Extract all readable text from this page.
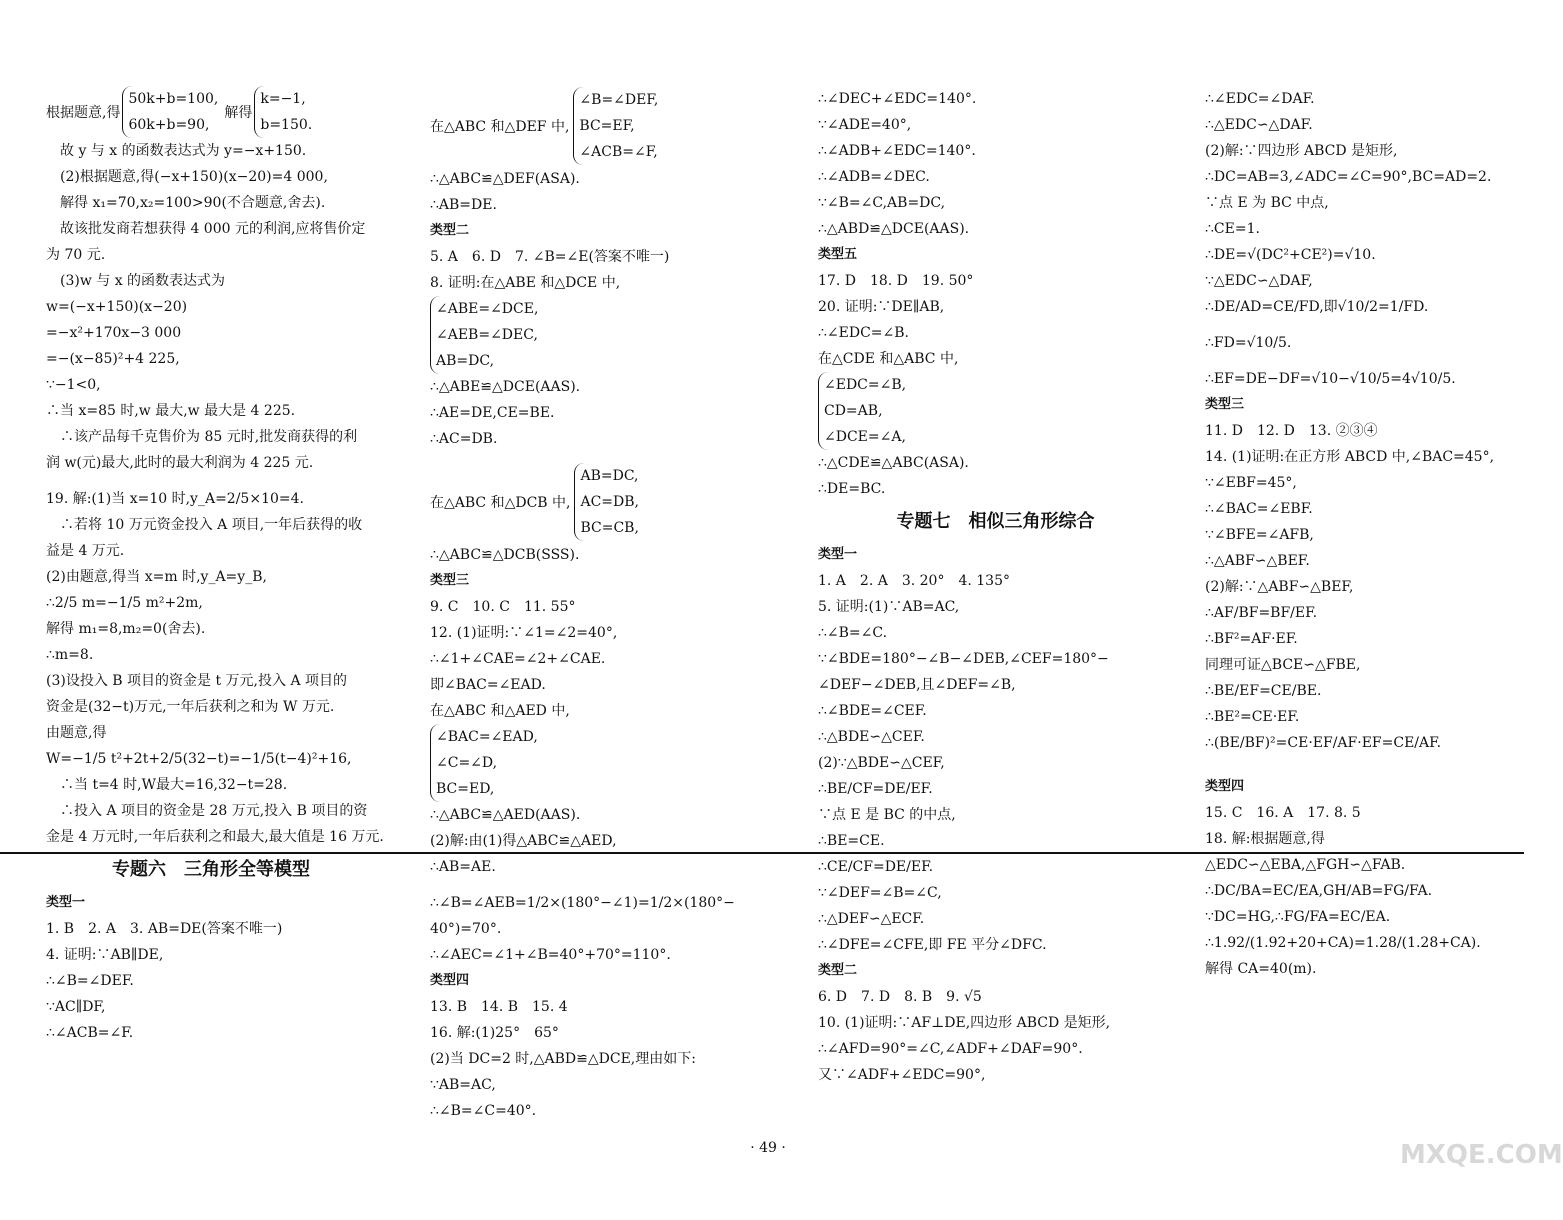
根据题意,得
50k+b=100,
60k+b=90,
解得
k=−1,
b=150.
故 y 与 x 的函数表达式为 y=−x+150.
(2)根据题意,得(−x+150)(x−20)=4 000,
解得 x₁=70,x₂=100>90(不合题意,舍去).
故该批发商若想获得 4 000 元的利润,应将售价定
为 70 元.
(3)w 与 x 的函数表达式为
w=(−x+150)(x−20)
=−x²+170x−3 000
=−(x−85)²+4 225,
∵−1<0,
∴当 x=85 时,w 最大,w 最大是 4 225.
∴该产品每千克售价为 85 元时,批发商获得的利
润 w(元)最大,此时的最大利润为 4 225 元.
19. 解:(1)当 x=10 时,y_A=2/5×10=4.
∴若将 10 万元资金投入 A 项目,一年后获得的收
益是 4 万元.
(2)由题意,得当 x=m 时,y_A=y_B,
∴2/5 m=−1/5 m²+2m,
解得 m₁=8,m₂=0(舍去).
∴m=8.
(3)设投入 B 项目的资金是 t 万元,投入 A 项目的
资金是(32−t)万元,一年后获利之和为 W 万元.
由题意,得
W=−1/5 t²+2t+2/5(32−t)=−1/5(t−4)²+16,
∴当 t=4 时,W最大=16,32−t=28.
∴投入 A 项目的资金是 28 万元,投入 B 项目的资
金是 4 万元时,一年后获利之和最大,最大值是 16 万元.
专题六　三角形全等模型
类型一
1. B　2. A　3. AB=DE(答案不唯一)
4. 证明:∵AB∥DE,
∴∠B=∠DEF.
∵AC∥DF,
∴∠ACB=∠F.
在△ABC 和△DEF 中,
∠B=∠DEF,
BC=EF,
∠ACB=∠F,
∴△ABC≌△DEF(ASA).
∴AB=DE.
类型二
5. A　6. D　7. ∠B=∠E(答案不唯一)
8. 证明:在△ABE 和△DCE 中,
∠ABE=∠DCE,
∠AEB=∠DEC,
AB=DC,
∴△ABE≌△DCE(AAS).
∴AE=DE,CE=BE.
∴AC=DB.
在△ABC 和△DCB 中,
AB=DC,
AC=DB,
BC=CB,
∴△ABC≌△DCB(SSS).
类型三
9. C　10. C　11. 55°
12. (1)证明:∵∠1=∠2=40°,
∴∠1+∠CAE=∠2+∠CAE.
即∠BAC=∠EAD.
在△ABC 和△AED 中,
∠BAC=∠EAD,
∠C=∠D,
BC=ED,
∴△ABC≌△AED(AAS).
(2)解:由(1)得△ABC≌△AED,
∴AB=AE.
∴∠B=∠AEB=1/2×(180°−∠1)=1/2×(180°−
40°)=70°.
∴∠AEC=∠1+∠B=40°+70°=110°.
类型四
13. B　14. B　15. 4
16. 解:(1)25°　65°
(2)当 DC=2 时,△ABD≌△DCE,理由如下:
∵AB=AC,
∴∠B=∠C=40°.
∴∠DEC+∠EDC=140°.
∵∠ADE=40°,
∴∠ADB+∠EDC=140°.
∴∠ADB=∠DEC.
∵∠B=∠C,AB=DC,
∴△ABD≌△DCE(AAS).
类型五
17. D　18. D　19. 50°
20. 证明:∵DE∥AB,
∴∠EDC=∠B.
在△CDE 和△ABC 中,
∠EDC=∠B,
CD=AB,
∠DCE=∠A,
∴△CDE≌△ABC(ASA).
∴DE=BC.
专题七　相似三角形综合
类型一
1. A　2. A　3. 20°　4. 135°
5. 证明:(1)∵AB=AC,
∴∠B=∠C.
∵∠BDE=180°−∠B−∠DEB,∠CEF=180°−
∠DEF−∠DEB,且∠DEF=∠B,
∴∠BDE=∠CEF.
∴△BDE∽△CEF.
(2)∵△BDE∽△CEF,
∴BE/CF=DE/EF.
∵点 E 是 BC 的中点,
∴BE=CE.
∴CE/CF=DE/EF.
∵∠DEF=∠B=∠C,
∴△DEF∽△ECF.
∴∠DFE=∠CFE,即 FE 平分∠DFC.
类型二
6. D　7. D　8. B　9. √5
10. (1)证明:∵AF⊥DE,四边形 ABCD 是矩形,
∴∠AFD=90°=∠C,∠ADF+∠DAF=90°.
又∵∠ADF+∠EDC=90°,
∴∠EDC=∠DAF.
∴△EDC∽△DAF.
(2)解:∵四边形 ABCD 是矩形,
∴DC=AB=3,∠ADC=∠C=90°,BC=AD=2.
∵点 E 为 BC 中点,
∴CE=1.
∴DE=√(DC²+CE²)=√10.
∵△EDC∽△DAF,
∴DE/AD=CE/FD,即√10/2=1/FD.
∴FD=√10/5.
∴EF=DE−DF=√10−√10/5=4√10/5.
类型三
11. D　12. D　13. ②③④
14. (1)证明:在正方形 ABCD 中,∠BAC=45°,
∵∠EBF=45°,
∴∠BAC=∠EBF.
∵∠BFE=∠AFB,
∴△ABF∽△BEF.
(2)解:∵△ABF∽△BEF,
∴AF/BF=BF/EF.
∴BF²=AF·EF.
同理可证△BCE∽△FBE,
∴BE/EF=CE/BE.
∴BE²=CE·EF.
∴(BE/BF)²=CE·EF/AF·EF=CE/AF.
类型四
15. C　16. A　17. 8. 5
18. 解:根据题意,得
△EDC∽△EBA,△FGH∽△FAB.
∴DC/BA=EC/EA,GH/AB=FG/FA.
∵DC=HG,∴FG/FA=EC/EA.
∴1.92/(1.92+20+CA)=1.28/(1.28+CA).
解得 CA=40(m).
· 49 ·	MXQE.COM
